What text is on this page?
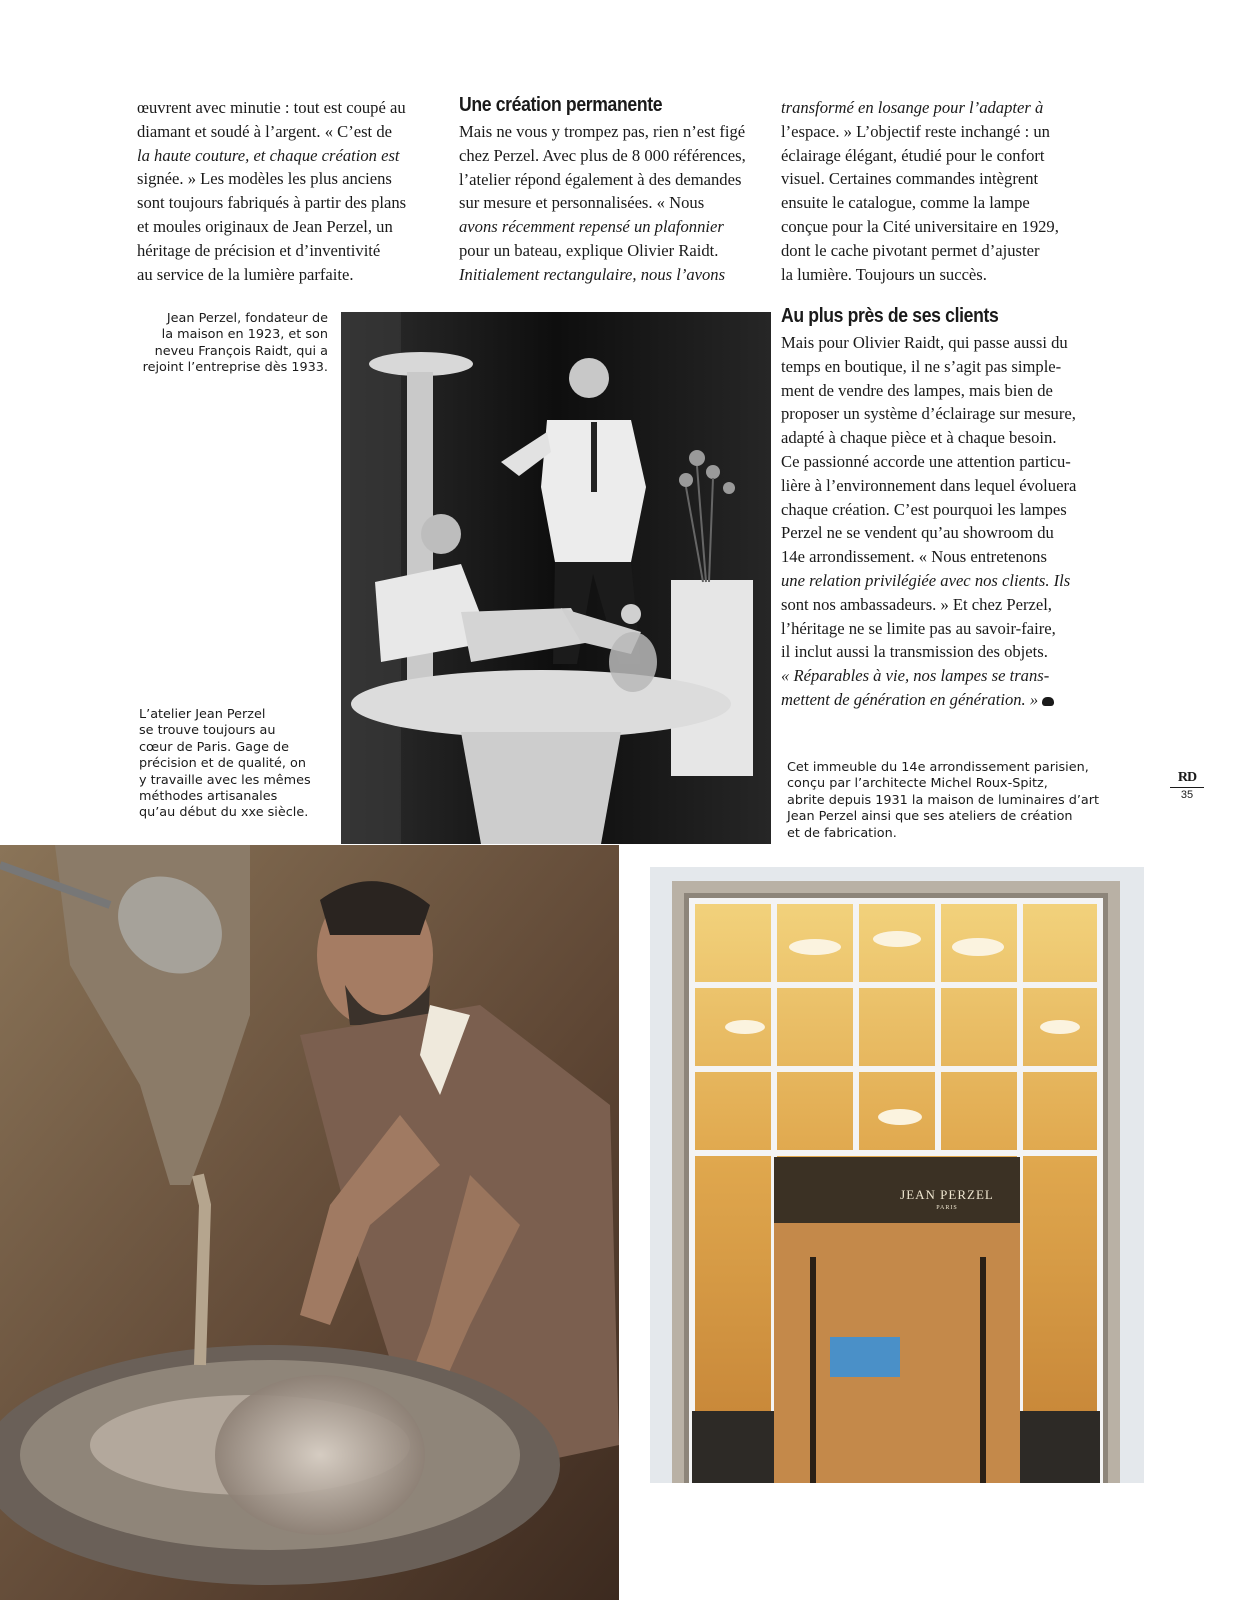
œuvrent avec minutie : tout est coupé au
diamant et soudé à l’argent. « C’est de
la haute couture, et chaque création est
signée. » Les modèles les plus anciens
sont toujours fabriqués à partir des plans
et moules originaux de Jean Perzel, un
héritage de précision et d’inventivité
au service de la lumière parfaite.
Une création permanente
Mais ne vous y trompez pas, rien n’est figé
chez Perzel. Avec plus de 8 000 références,
l’atelier répond également à des demandes
sur mesure et personnalisées. « Nous
avons récemment repensé un plafonnier
pour un bateau, explique Olivier Raidt.
Initialement rectangulaire, nous l’avons
transformé en losange pour l’adapter à
l’espace. » L’objectif reste inchangé : un
éclairage élégant, étudié pour le confort
visuel. Certaines commandes intègrent
ensuite le catalogue, comme la lampe
conçue pour la Cité universitaire en 1929,
dont le cache pivotant permet d’ajuster
la lumière. Toujours un succès.
Au plus près de ses clients
Mais pour Olivier Raidt, qui passe aussi du
temps en boutique, il ne s’agit pas simple-
ment de vendre des lampes, mais bien de
proposer un système d’éclairage sur mesure,
adapté à chaque pièce et à chaque besoin.
Ce passionné accorde une attention particu-
lière à l’environnement dans lequel évoluera
chaque création. C’est pourquoi les lampes
Perzel ne se vendent qu’au showroom du
14e arrondissement. « Nous entretenons
une relation privilégiée avec nos clients. Ils
sont nos ambassadeurs. » Et chez Perzel,
l’héritage ne se limite pas au savoir-faire,
il inclut aussi la transmission des objets.
« Réparables à vie, nos lampes se trans-
mettent de génération en génération. »
Jean Perzel, fondateur de
la maison en 1923, et son
neveu François Raidt, qui a
rejoint l’entreprise dès 1933.
L’atelier Jean Perzel
se trouve toujours au
cœur de Paris. Gage de
précision et de qualité, on
y travaille avec les mêmes
méthodes artisanales
qu’au début du xxe siècle.
Cet immeuble du 14e arrondissement parisien,
conçu par l’architecte Michel Roux-Spitz,
abrite depuis 1931 la maison de luminaires d’art
Jean Perzel ainsi que ses ateliers de création
et de fabrication.
RD
35
JEAN PERZEL
PARIS
